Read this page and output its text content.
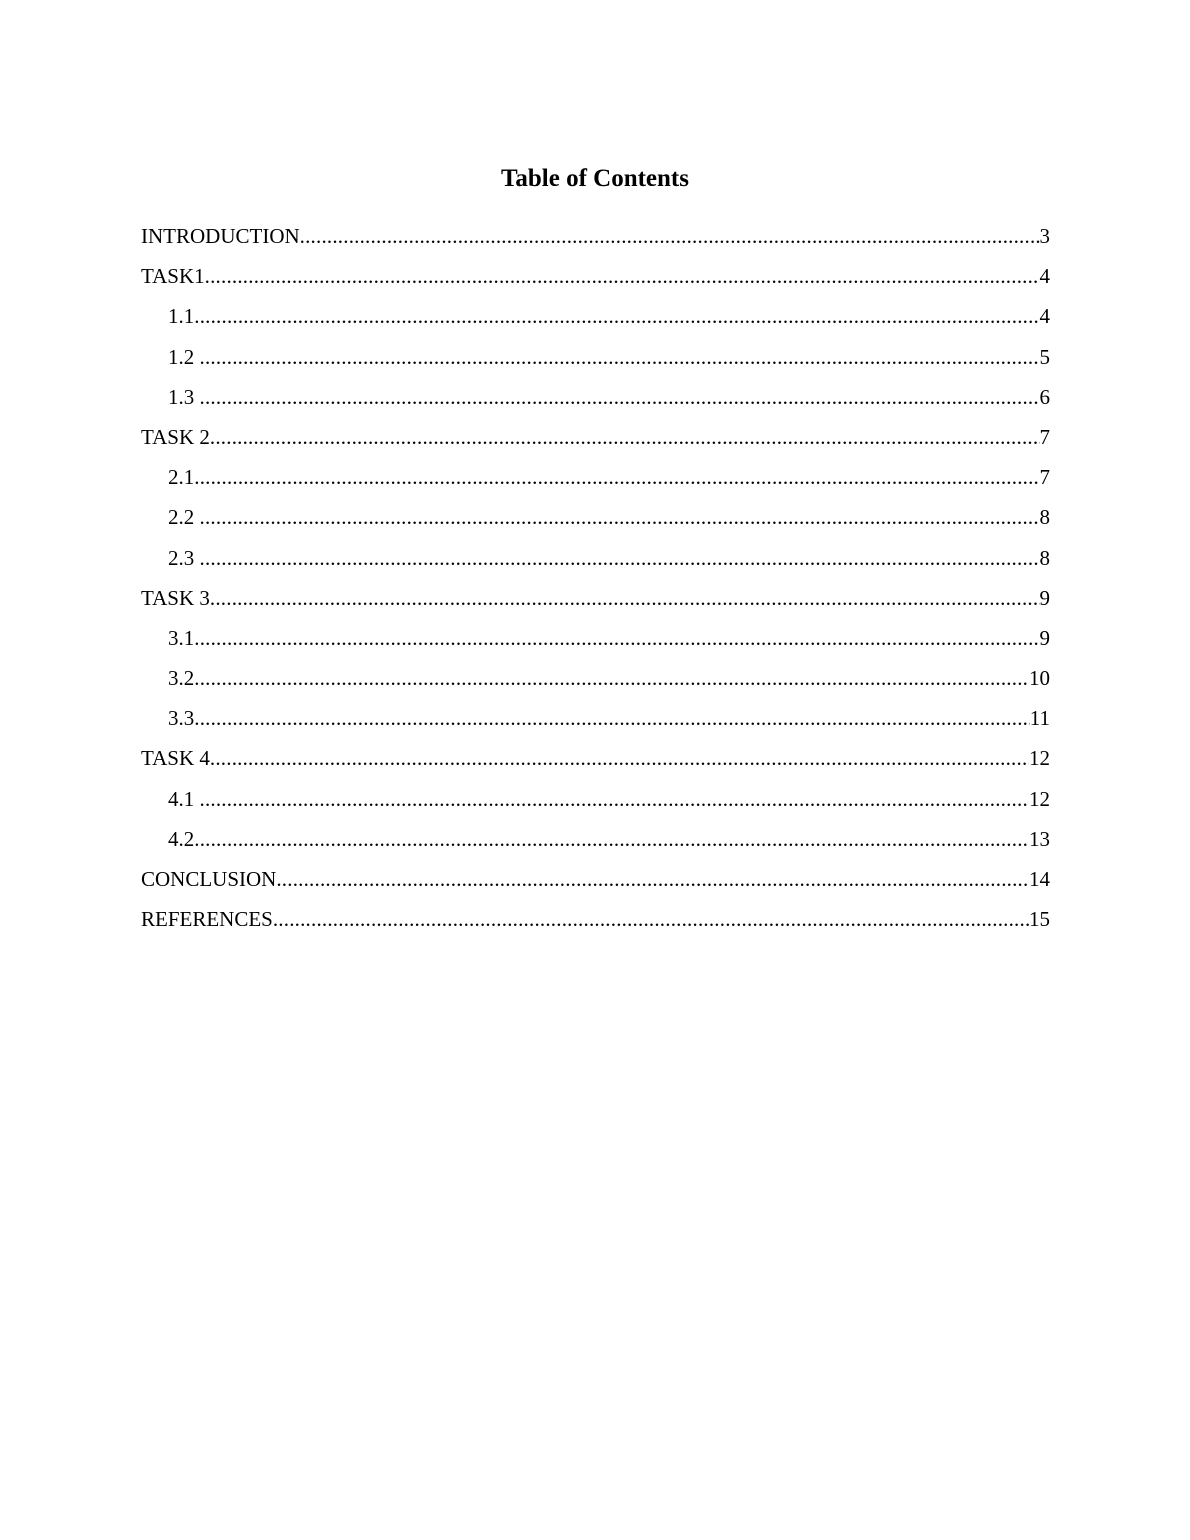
Table of Contents
INTRODUCTION .....	3
TASK1 .....	4
1.1 .....	4
1.2 .....	5
1.3 .....	6
TASK 2 .....	7
2.1 .....	7
2.2 .....	8
2.3 .....	8
TASK 3 .....	9
3.1 .....	9
3.2 .....	10
3.3 .....	11
TASK 4 .....	12
4.1 .....	12
4.2 .....	13
CONCLUSION .....	14
REFERENCES .....	15
